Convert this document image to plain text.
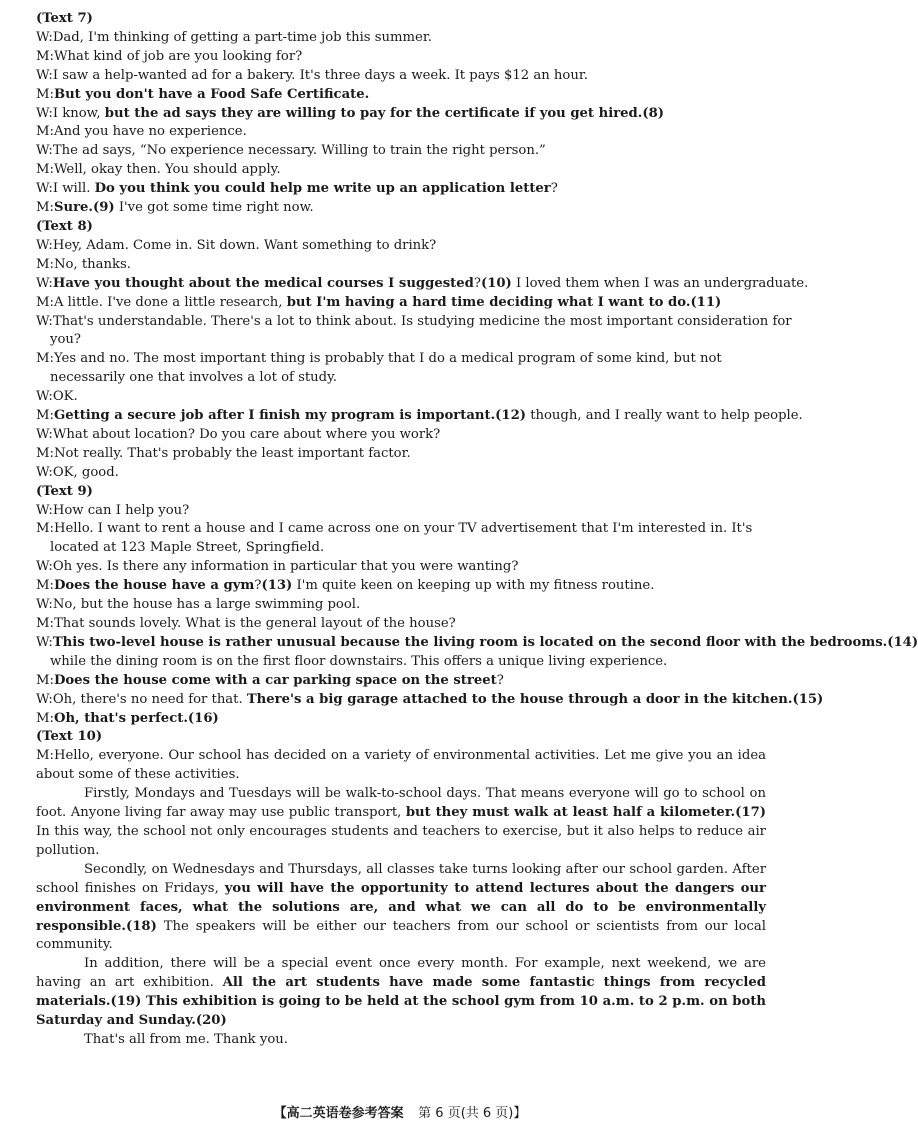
(Text 7)
W:Dad, I'm thinking of getting a part-time job this summer.
M:What kind of job are you looking for?
W:I saw a help-wanted ad for a bakery. It's three days a week. It pays $12 an hour.
M:But you don't have a Food Safe Certificate.
W:I know, but the ad says they are willing to pay for the certificate if you get hired.(8)
M:And you have no experience.
W:The ad says, “No experience necessary. Willing to train the right person.”
M:Well, okay then. You should apply.
W:I will. Do you think you could help me write up an application letter?
M:Sure.(9) I've got some time right now.
(Text 8)
W:Hey, Adam. Come in. Sit down. Want something to drink?
M:No, thanks.
W:Have you thought about the medical courses I suggested?(10) I loved them when I was an undergraduate.
M:A little. I've done a little research, but I'm having a hard time deciding what I want to do.(11)
W:That's understandable. There's a lot to think about. Is studying medicine the most important consideration for
you?
M:Yes and no. The most important thing is probably that I do a medical program of some kind, but not
necessarily one that involves a lot of study.
W:OK.
M:Getting a secure job after I finish my program is important.(12) though, and I really want to help people.
W:What about location? Do you care about where you work?
M:Not really. That's probably the least important factor.
W:OK, good.
(Text 9)
W:How can I help you?
M:Hello. I want to rent a house and I came across one on your TV advertisement that I'm interested in. It's
located at 123 Maple Street, Springfield.
W:Oh yes. Is there any information in particular that you were wanting?
M:Does the house have a gym?(13) I'm quite keen on keeping up with my fitness routine.
W:No, but the house has a large swimming pool.
M:That sounds lovely. What is the general layout of the house?
W:This two-level house is rather unusual because the living room is located on the second floor with the bedrooms.(14)
while the dining room is on the first floor downstairs. This offers a unique living experience.
M:Does the house come with a car parking space on the street?
W:Oh, there's no need for that. There's a big garage attached to the house through a door in the kitchen.(15)
M:Oh, that's perfect.(16)
(Text 10)
M:Hello, everyone. Our school has decided on a variety of environmental activities. Let me give you an idea about some of these activities.
Firstly, Mondays and Tuesdays will be walk-to-school days. That means everyone will go to school on foot. Anyone living far away may use public transport, but they must walk at least half a kilometer.(17) In this way, the school not only encourages students and teachers to exercise, but it also helps to reduce air pollution.
Secondly, on Wednesdays and Thursdays, all classes take turns looking after our school garden. After school finishes on Fridays, you will have the opportunity to attend lectures about the dangers our environment faces, what the solutions are, and what we can all do to be environmentally responsible.(18) The speakers will be either our teachers from our school or scientists from our local community.
In addition, there will be a special event once every month. For example, next weekend, we are having an art exhibition. All the art students have made some fantastic things from recycled materials.(19) This exhibition is going to be held at the school gym from 10 a.m. to 2 p.m. on both Saturday and Sunday.(20)
That's all from me. Thank you.
【高二英语卷参考答案 第 6 页(共 6 页)】
